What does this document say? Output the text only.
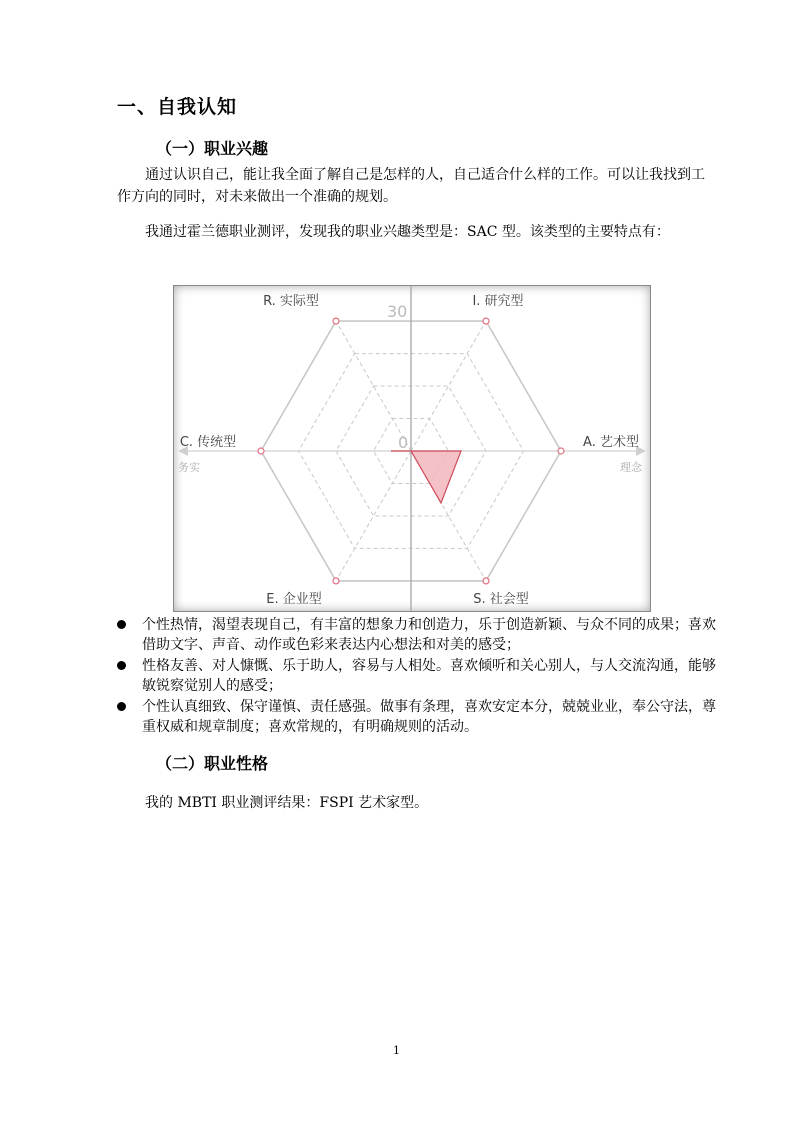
一、自我认知
（一）职业兴趣
通过认识自己，能让我全面了解自己是怎样的人，自己适合什么样的工作。可以让我找到工作方向的同时，对未来做出一个准确的规划。
我通过霍兰德职业测评，发现我的职业兴趣类型是：SAC 型。该类型的主要特点有：
R. 实际型	I. 研究型
A. 艺术型
S. 社会型
E. 企业型
C. 传统型
30
0
务实	理念
个性热情，渴望表现自己，有丰富的想象力和创造力，乐于创造新颖、与众不同的成果；喜欢借助文字、声音、动作或色彩来表达内心想法和对美的感受；
性格友善、对人慷慨、乐于助人，容易与人相处。喜欢倾听和关心别人，与人交流沟通，能够敏锐察觉别人的感受；
个性认真细致、保守谨慎、责任感强。做事有条理，喜欢安定本分，兢兢业业，奉公守法，尊重权威和规章制度；喜欢常规的，有明确规则的活动。
（二）职业性格
我的 MBTI 职业测评结果：FSPI 艺术家型。
1
